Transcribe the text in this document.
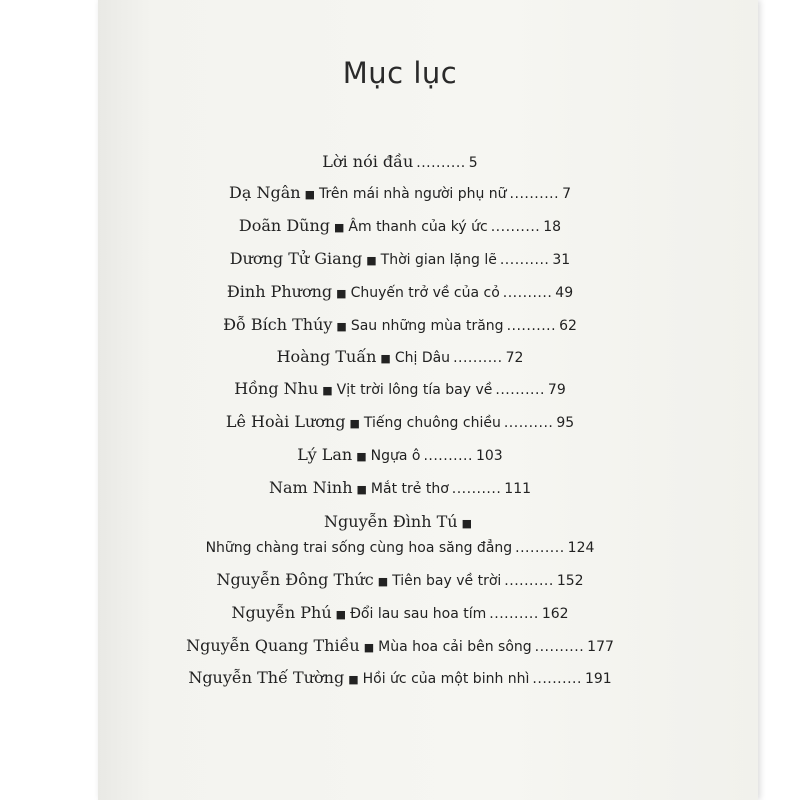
Mục lục
Lời nói đầu .......... 5
Dạ Ngân ■ Trên mái nhà người phụ nữ .......... 7
Doãn Dũng ■ Âm thanh của ký ức .......... 18
Dương Tử Giang ■ Thời gian lặng lẽ .......... 31
Đinh Phương ■ Chuyến trở về của cỏ .......... 49
Đỗ Bích Thúy ■ Sau những mùa trăng .......... 62
Hoàng Tuấn ■ Chị Dâu .......... 72
Hồng Nhu ■ Vịt trời lông tía bay về .......... 79
Lê Hoài Lương ■ Tiếng chuông chiều .......... 95
Lý Lan ■ Ngựa ô .......... 103
Nam Ninh ■ Mắt trẻ thơ .......... 111
Nguyễn Đình Tú ■
Những chàng trai sống cùng hoa săng đẳng .......... 124
Nguyễn Đông Thức ■ Tiên bay về trời .......... 152
Nguyễn Phú ■ Đổi lau sau hoa tím .......... 162
Nguyễn Quang Thiều ■ Mùa hoa cải bên sông .......... 177
Nguyễn Thế Tường ■ Hồi ức của một binh nhì .......... 191
